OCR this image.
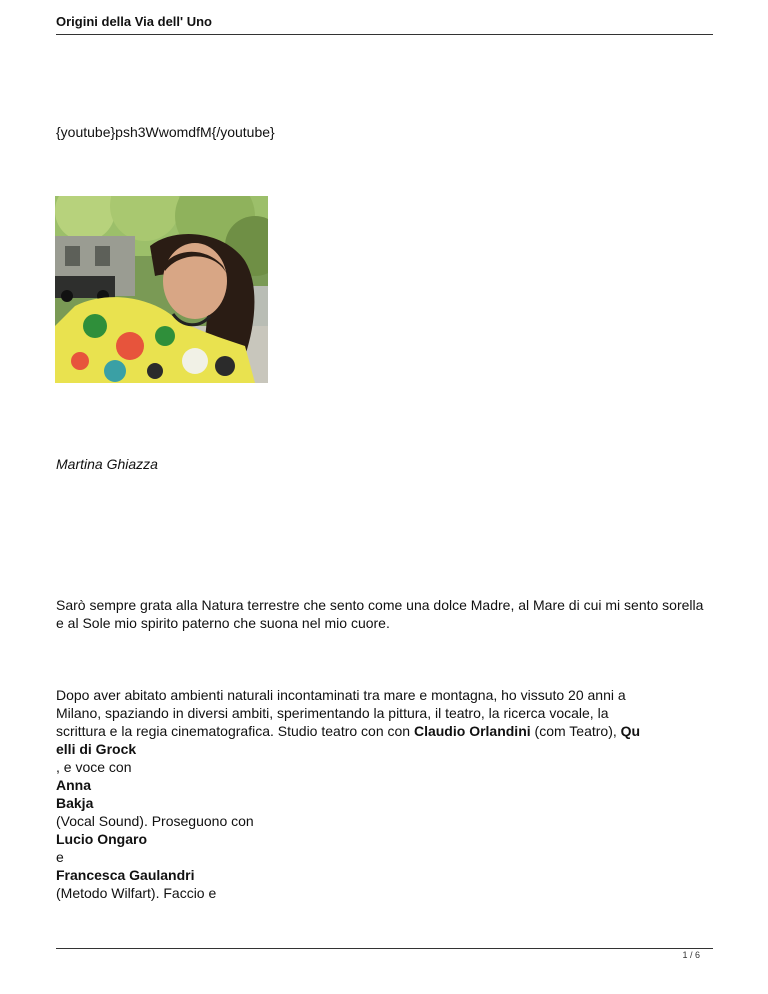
Origini della Via dell' Uno
{youtube}psh3WwomdfM{/youtube}
Martina Ghiazza

Sarò sempre grata alla Natura terrestre che sento come una dolce Madre, al Mare di cui mi sento sorella e al Sole mio spirito paterno che suona nel mio cuore.

Dopo aver abitato ambienti naturali incontaminati tra mare e montagna, ho vissuto 20 anni a
Milano, spaziando in diversi ambiti, sperimentando la pittura, il teatro, la ricerca vocale, la
scrittura e la regia cinematografica. Studio teatro con con Claudio Orlandini (com Teatro), Qu
elli di Grock
, e voce con
Anna
Bakja
(Vocal Sound). Proseguono con
Lucio Ongaro
e
Francesca Gaulandri
(Metodo Wilfart). Faccio e

1 / 6
